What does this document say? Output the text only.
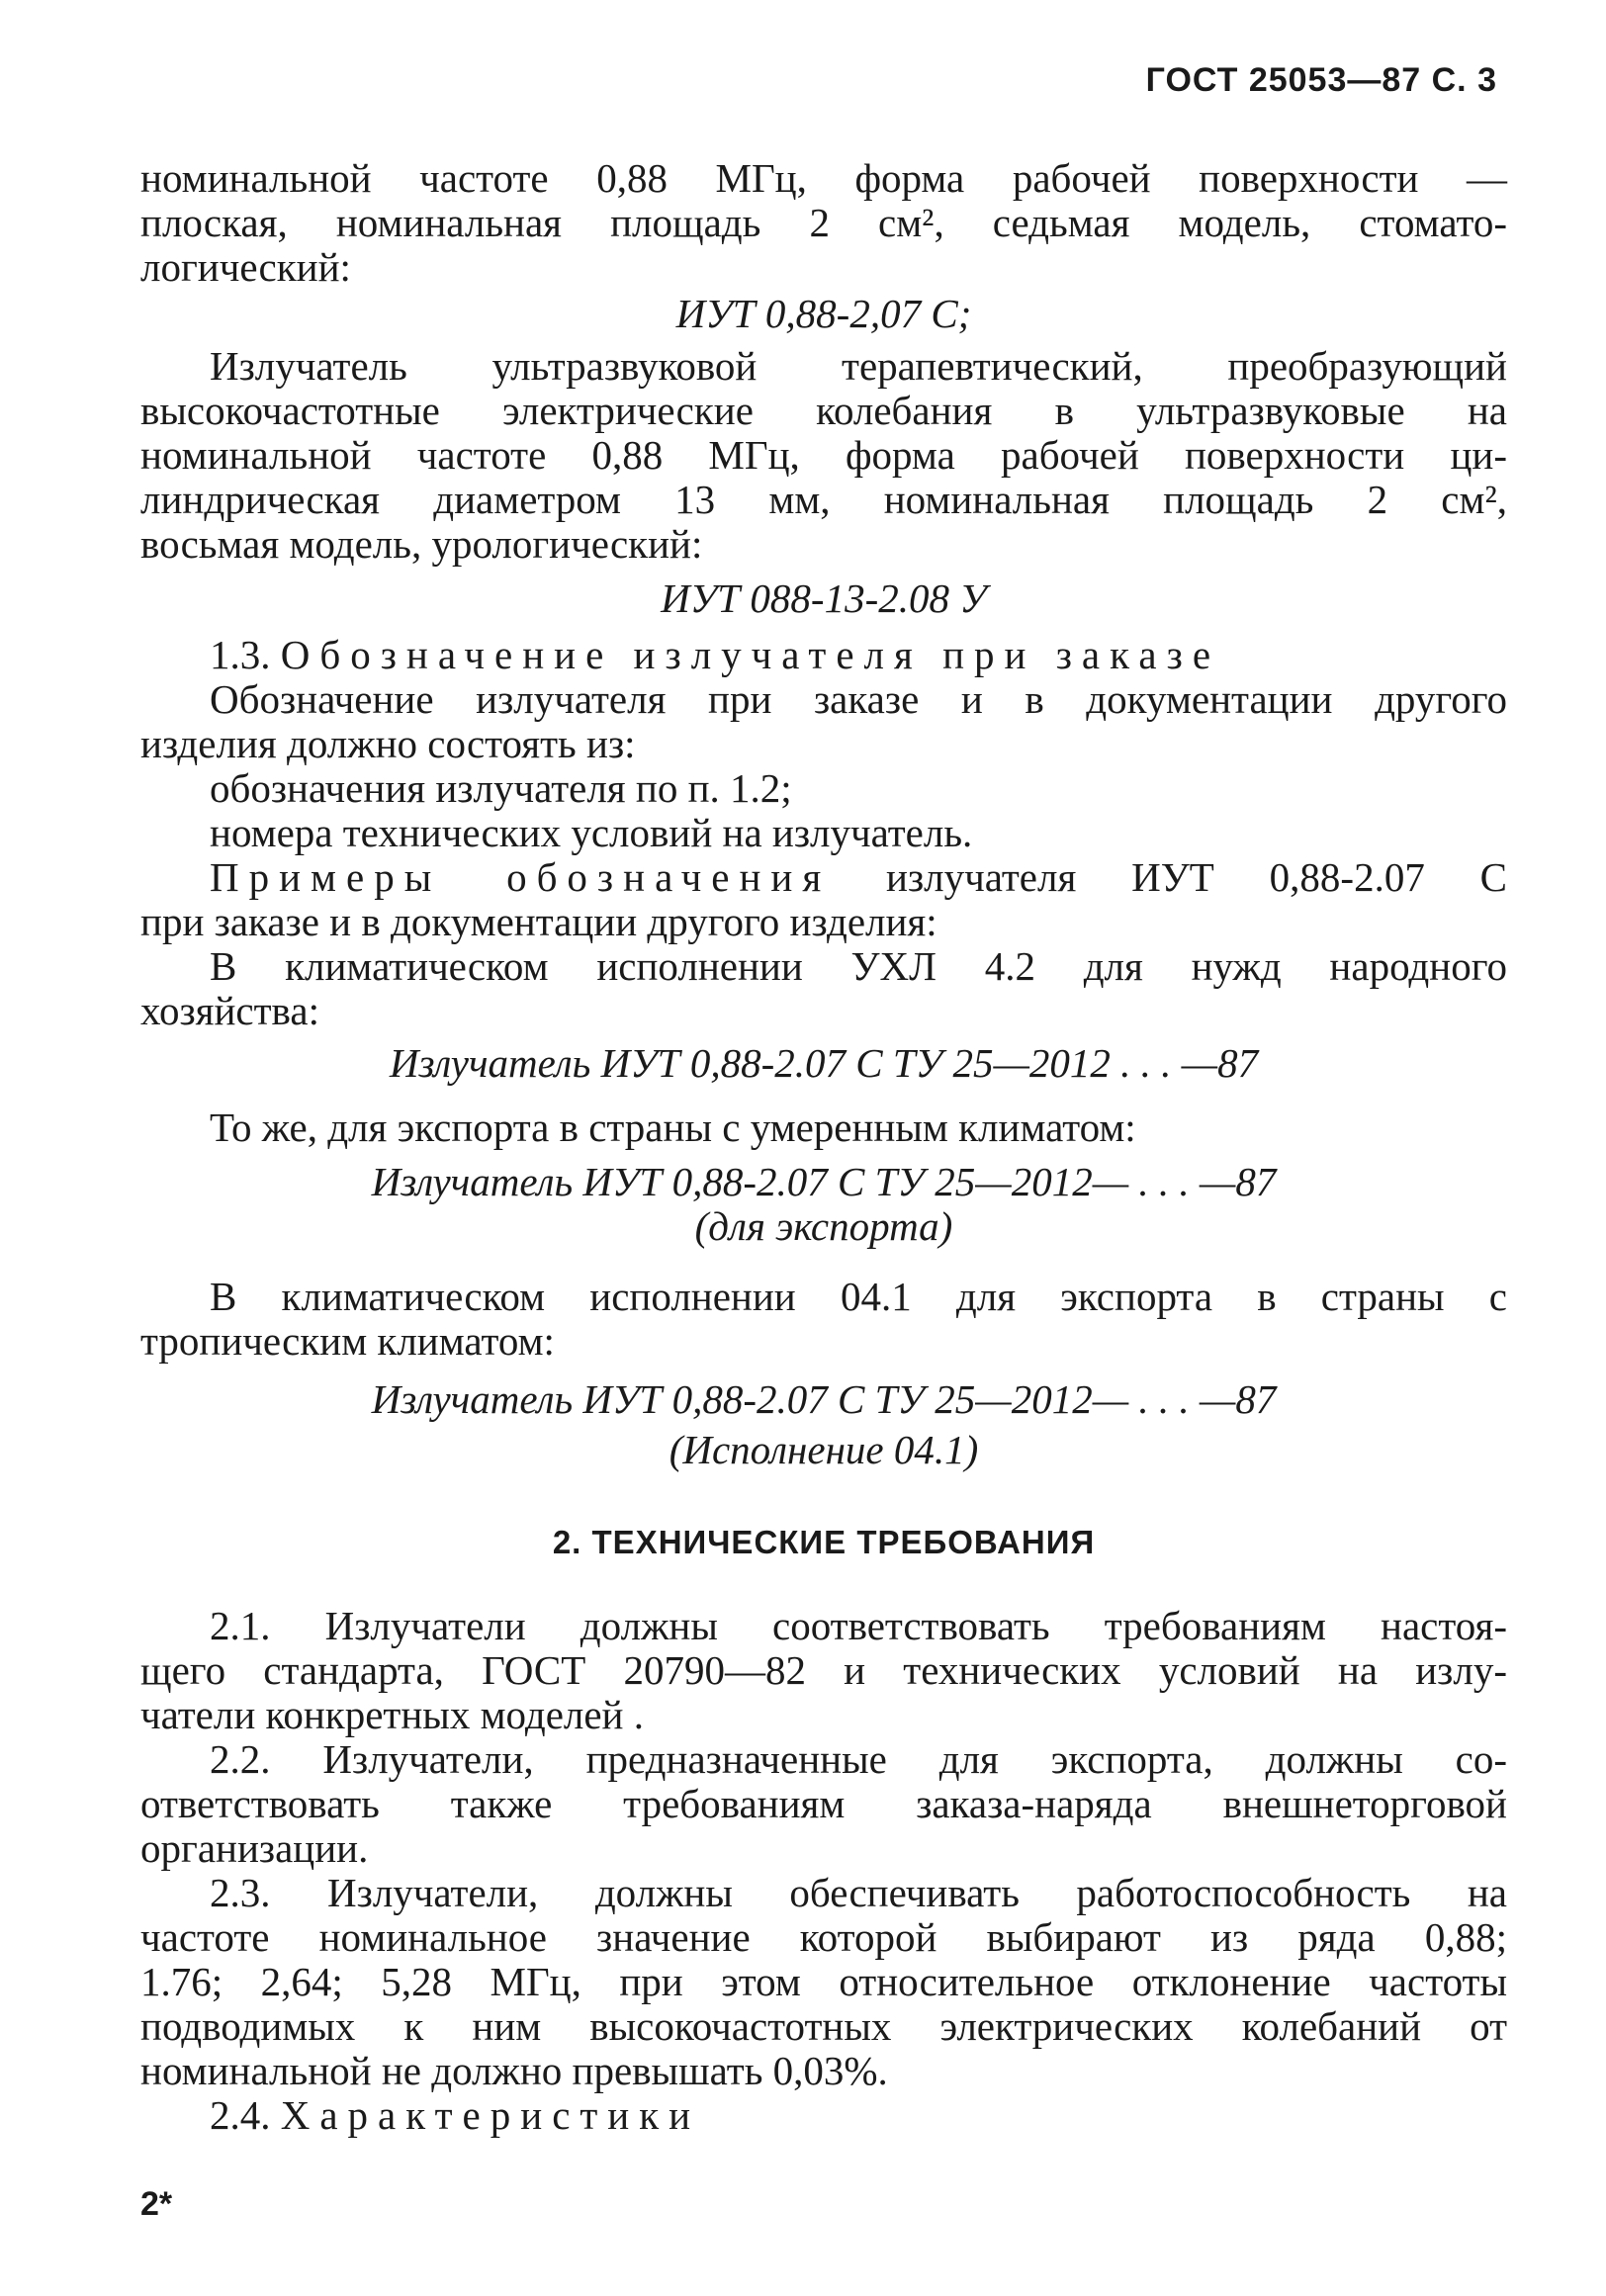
ГОСТ 25053—87 С. 3

номинальной частоте 0,88 МГц, форма рабочей поверхности —

плоская, номинальная площадь 2 см², седьмая модель, стомато-

логический:

ИУТ 0,88-2,07 С;

Излучатель ультразвуковой терапевтический, преобразующий

высокочастотные электрические колебания в ультразвуковые на

номинальной частоте 0,88 МГц, форма рабочей поверхности ци-

линдрическая диаметром 13 мм, номинальная площадь 2 см²,

восьмая модель, урологический:

ИУТ 088-13-2.08 У

1.3. Обозначение излучателя при заказе

Обозначение излучателя при заказе и в документации другого

изделия должно состоять из:

обозначения излучателя по п. 1.2;

номера технических условий на излучатель.

Примеры обозначения излучателя ИУТ 0,88-2.07 С

при заказе и в документации другого изделия:

В климатическом исполнении УХЛ 4.2 для нужд народного

хозяйства:

Излучатель ИУТ 0,88-2.07 С ТУ 25—2012 . . . —87

То же, для экспорта в страны с умеренным климатом:

Излучатель ИУТ 0,88-2.07 С ТУ 25—2012— . . . —87

(для экспорта)

В климатическом исполнении 04.1 для экспорта в страны с

тропическим климатом:

Излучатель ИУТ 0,88-2.07 С ТУ 25—2012— . . . —87

(Исполнение 04.1)

2. ТЕХНИЧЕСКИЕ ТРЕБОВАНИЯ

2.1. Излучатели должны соответствовать требованиям настоя-

щего стандарта, ГОСТ 20790—82 и технических условий на излу-

чатели конкретных моделей .

2.2. Излучатели, предназначенные для экспорта, должны со-

ответствовать также требованиям заказа-наряда внешнеторговой

организации.

2.3. Излучатели, должны обеспечивать работоспособность на

частоте номинальное значение которой выбирают из ряда 0,88;

1.76; 2,64; 5,28 МГц, при этом относительное отклонение частоты

подводимых к ним высокочастотных электрических колебаний от

номинальной не должно превышать 0,03%.

2.4. Характеристики

2*
